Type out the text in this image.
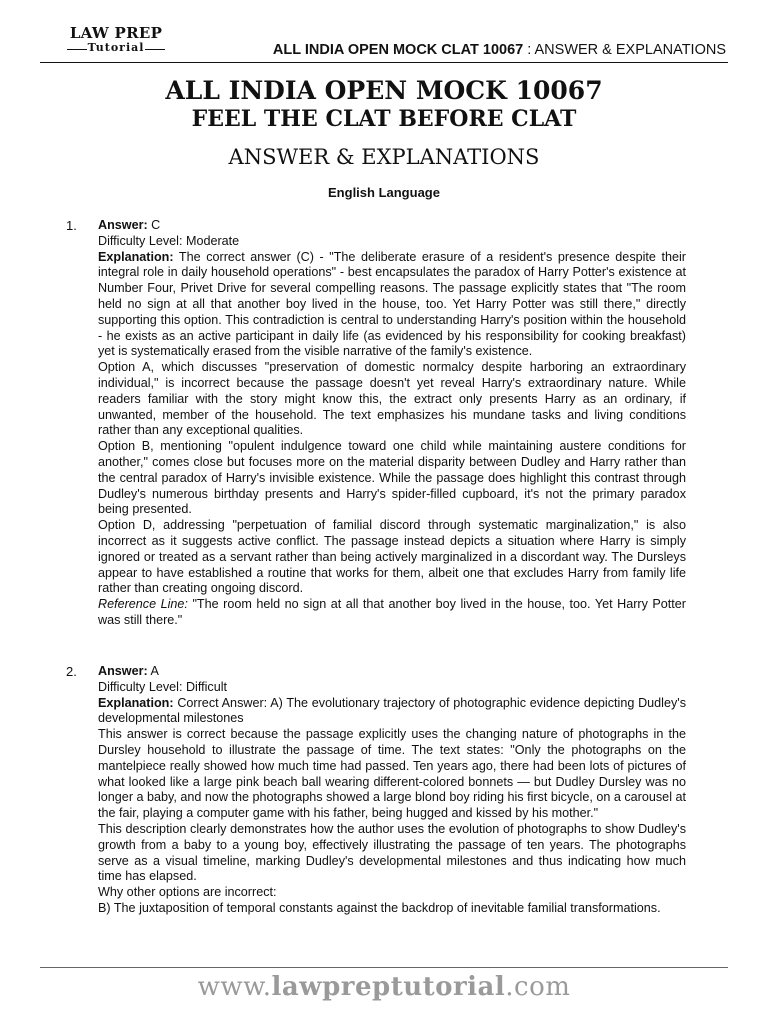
LAW PREP
Tutorial	ALL INDIA OPEN MOCK CLAT 10067 : ANSWER & EXPLANATIONS
ALL INDIA OPEN MOCK 10067
FEEL THE CLAT BEFORE CLAT
ANSWER & EXPLANATIONS
English Language
1. Answer: C

Difficulty Level: Moderate

Explanation: The correct answer (C) - "The deliberate erasure of a resident's presence despite their integral role in daily household operations" - best encapsulates the paradox of Harry Potter's existence at Number Four, Privet Drive for several compelling reasons. The passage explicitly states that "The room held no sign at all that another boy lived in the house, too. Yet Harry Potter was still there," directly supporting this option. This contradiction is central to understanding Harry's position within the household - he exists as an active participant in daily life (as evidenced by his responsibility for cooking breakfast) yet is systematically erased from the visible narrative of the family's existence.

Option A, which discusses "preservation of domestic normalcy despite harboring an extraordinary individual," is incorrect because the passage doesn't yet reveal Harry's extraordinary nature. While readers familiar with the story might know this, the extract only presents Harry as an ordinary, if unwanted, member of the household. The text emphasizes his mundane tasks and living conditions rather than any exceptional qualities.

Option B, mentioning "opulent indulgence toward one child while maintaining austere conditions for another," comes close but focuses more on the material disparity between Dudley and Harry rather than the central paradox of Harry's invisible existence. While the passage does highlight this contrast through Dudley's numerous birthday presents and Harry's spider-filled cupboard, it's not the primary paradox being presented.

Option D, addressing "perpetuation of familial discord through systematic marginalization," is also incorrect as it suggests active conflict. The passage instead depicts a situation where Harry is simply ignored or treated as a servant rather than being actively marginalized in a discordant way. The Dursleys appear to have established a routine that works for them, albeit one that excludes Harry from family life rather than creating ongoing discord.

Reference Line: "The room held no sign at all that another boy lived in the house, too. Yet Harry Potter was still there."

2. Answer: A

Difficulty Level: Difficult

Explanation: Correct Answer: A) The evolutionary trajectory of photographic evidence depicting Dudley's developmental milestones

This answer is correct because the passage explicitly uses the changing nature of photographs in the Dursley household to illustrate the passage of time. The text states: "Only the photographs on the mantelpiece really showed how much time had passed. Ten years ago, there had been lots of pictures of what looked like a large pink beach ball wearing different-colored bonnets — but Dudley Dursley was no longer a baby, and now the photographs showed a large blond boy riding his first bicycle, on a carousel at the fair, playing a computer game with his father, being hugged and kissed by his mother."

This description clearly demonstrates how the author uses the evolution of photographs to show Dudley's growth from a baby to a young boy, effectively illustrating the passage of ten years. The photographs serve as a visual timeline, marking Dudley's developmental milestones and thus indicating how much time has elapsed.

Why other options are incorrect:

B) The juxtaposition of temporal constants against the backdrop of inevitable familial transformations.

www.lawpreptutorial.com
